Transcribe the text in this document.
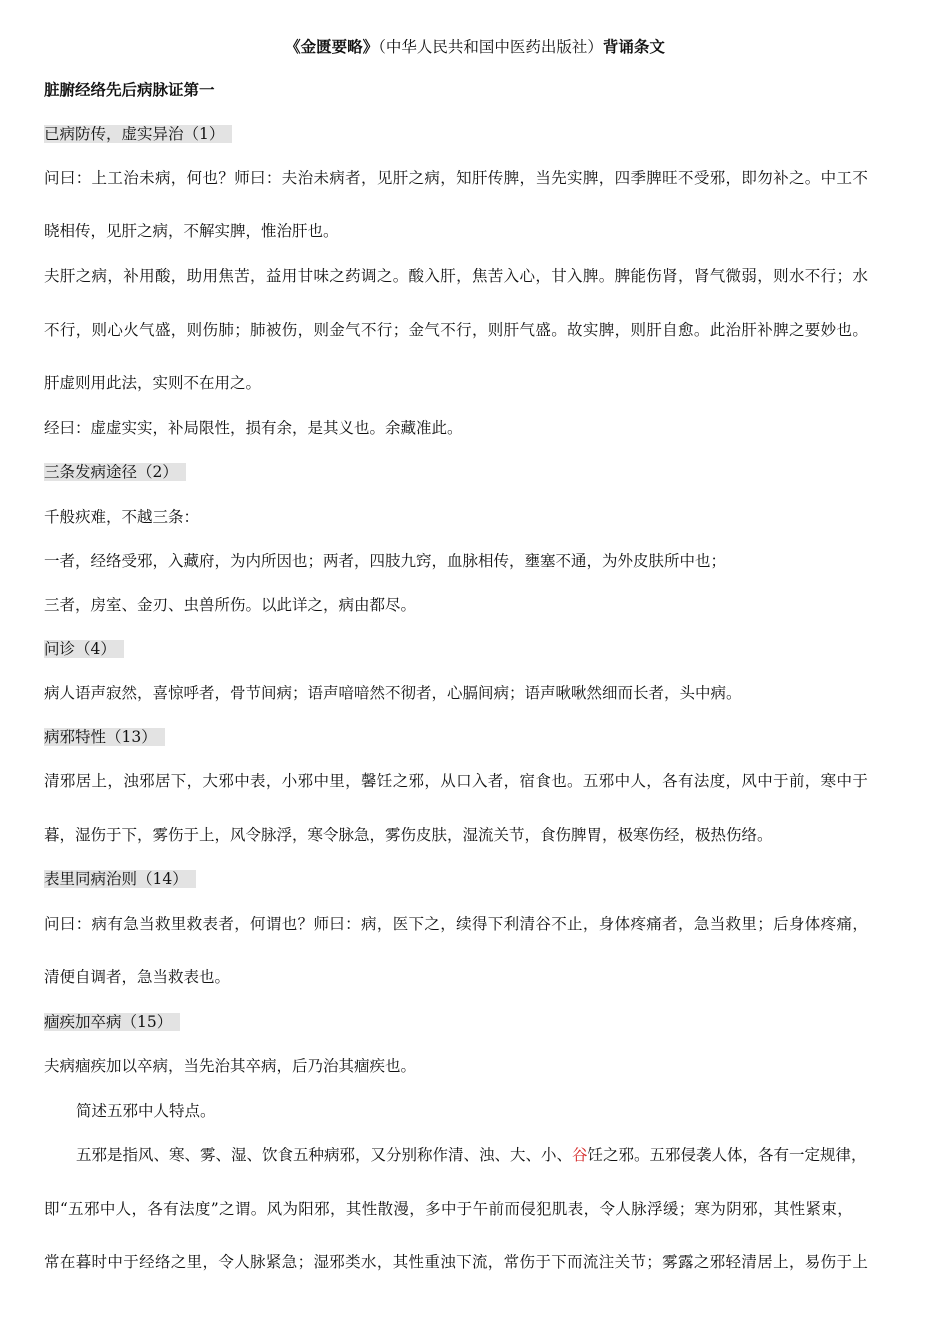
《金匮要略》（中华人民共和国中医药出版社）背诵条文
脏腑经络先后病脉证第一
已病防传，虚实异治（1）
问曰：上工治未病，何也？师曰：夫治未病者，见肝之病，知肝传脾，当先实脾，四季脾旺不受邪，即勿补之。中工不
晓相传，见肝之病，不解实脾，惟治肝也。
夫肝之病，补用酸，助用焦苦，益用甘味之药调之。酸入肝，焦苦入心，甘入脾。脾能伤肾，肾气微弱，则水不行；水
不行，则心火气盛，则伤肺；肺被伤，则金气不行；金气不行，则肝气盛。故实脾，则肝自愈。此治肝补脾之要妙也。
肝虚则用此法，实则不在用之。
经曰：虚虚实实，补局限性，损有余，是其义也。余藏准此。
三条发病途径（2）
千般疢难，不越三条：
一者，经络受邪，入藏府，为内所因也；两者，四肢九窍，血脉相传，壅塞不通，为外皮肤所中也；
三者，房室、金刃、虫兽所伤。以此详之，病由都尽。
问诊（4）
病人语声寂然，喜惊呼者，骨节间病；语声喑喑然不彻者，心膈间病；语声啾啾然细而长者，头中病。
病邪特性（13）
清邪居上，浊邪居下，大邪中表，小邪中里，馨饪之邪，从口入者，宿食也。五邪中人，各有法度，风中于前，寒中于
暮，湿伤于下，雾伤于上，风令脉浮，寒令脉急，雾伤皮肤，湿流关节，食伤脾胃，极寒伤经，极热伤络。
表里同病治则（14）
问曰：病有急当救里救表者，何谓也？师曰：病，医下之，续得下利清谷不止，身体疼痛者，急当救里；后身体疼痛，
清便自调者，急当救表也。
痼疾加卒病（15）
夫病痼疾加以卒病，当先治其卒病，后乃治其痼疾也。
简述五邪中人特点。
五邪是指风、寒、雾、湿、饮食五种病邪，又分别称作清、浊、大、小、谷饪之邪。五邪侵袭人体，各有一定规律，
即“五邪中人，各有法度”之谓。风为阳邪，其性散漫，多中于午前而侵犯肌表，令人脉浮缓；寒为阴邪，其性紧束，
常在暮时中于经络之里，令人脉紧急；湿邪类水，其性重浊下流，常伤于下而流注关节；雾露之邪轻清居上，易伤于上
